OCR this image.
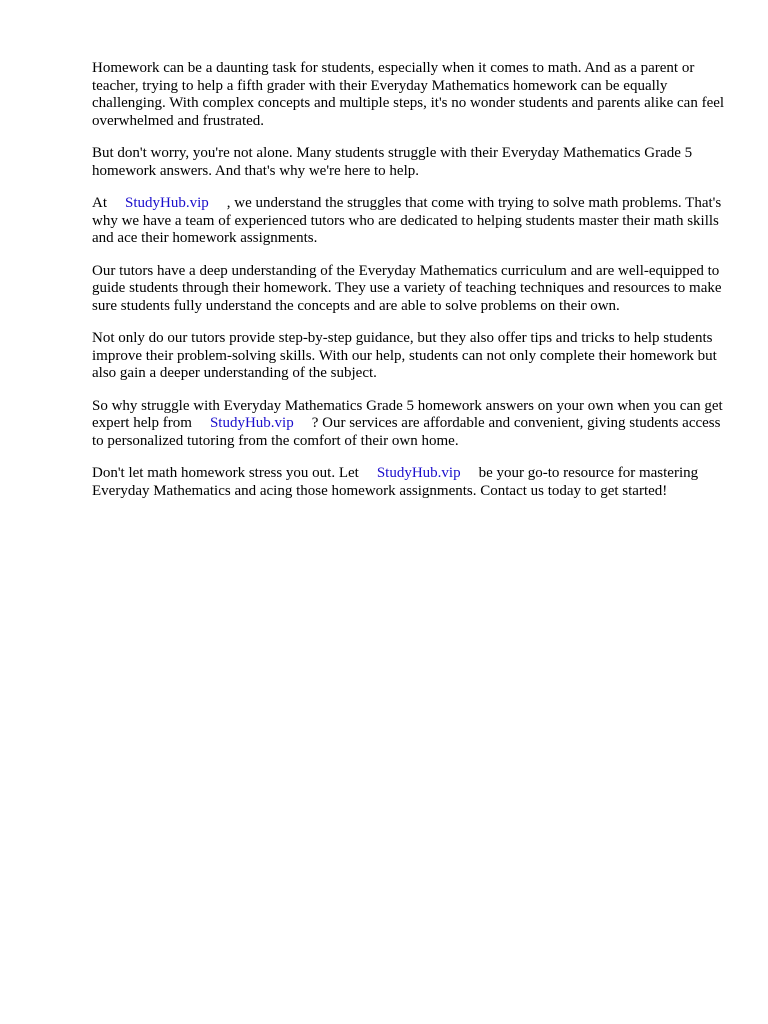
Homework can be a daunting task for students, especially when it comes to math. And as a parent or teacher, trying to help a fifth grader with their Everyday Mathematics homework can be equally challenging. With complex concepts and multiple steps, it's no wonder students and parents alike can feel overwhelmed and frustrated.

But don't worry, you're not alone. Many students struggle with their Everyday Mathematics Grade 5 homework answers. And that's why we're here to help.

At StudyHub.vip , we understand the struggles that come with trying to solve math problems. That's why we have a team of experienced tutors who are dedicated to helping students master their math skills and ace their homework assignments.

Our tutors have a deep understanding of the Everyday Mathematics curriculum and are well-equipped to guide students through their homework. They use a variety of teaching techniques and resources to make sure students fully understand the concepts and are able to solve problems on their own.

Not only do our tutors provide step-by-step guidance, but they also offer tips and tricks to help students improve their problem-solving skills. With our help, students can not only complete their homework but also gain a deeper understanding of the subject.

So why struggle with Everyday Mathematics Grade 5 homework answers on your own when you can get expert help from StudyHub.vip ? Our services are affordable and convenient, giving students access to personalized tutoring from the comfort of their own home.

Don't let math homework stress you out. Let StudyHub.vip be your go-to resource for mastering Everyday Mathematics and acing those homework assignments. Contact us today to get started!
